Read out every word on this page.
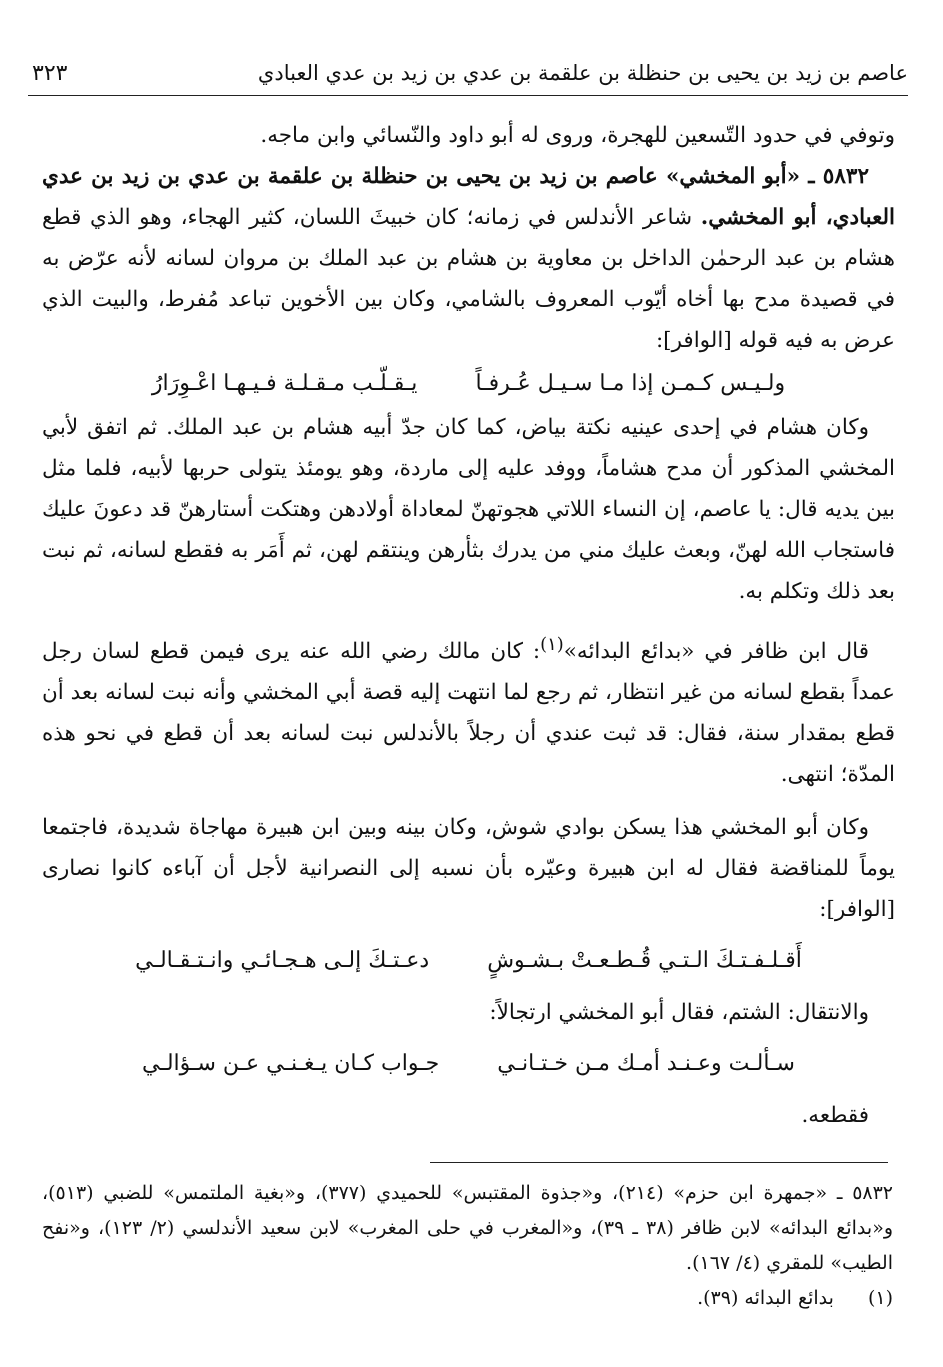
عاصم بن زيد بن يحيى بن حنظلة بن علقمة بن عدي بن زيد بن عدي العبادي
٣٢٣

وتوفي في حدود التّسعين للهجرة، وروى له أبو داود والنّسائي وابن ماجه.

٥٨٣٢ ـ «أبو المخشي» عاصم بن زيد بن يحيى بن حنظلة بن علقمة بن عدي بن زيد بن عدي العبادي، أبو المخشي. شاعر الأندلس في زمانه؛ كان خبيثَ اللسان، كثير الهجاء، وهو الذي قطع هشام بن عبد الرحمٰن الداخل بن معاوية بن هشام بن عبد الملك بن مروان لسانه لأنه عرّض به في قصيدة مدح بها أخاه أيّوب المعروف بالشامي، وكان بين الأخوين تباعد مُفرط، والبيت الذي عرض به فيه قوله [الوافر]:

ولـيـس كـمـن إذا مـا سـيـل عُـرفـاً
يـقـلّـب مـقـلـة فـيـهـا اعْـوِرَارُ

وكان هشام في إحدى عينيه نكتة بياض، كما كان جدّ أبيه هشام بن عبد الملك. ثم اتفق لأبي المخشي المذكور أن مدح هشاماً، ووفد عليه إلى ماردة، وهو يومئذ يتولى حربها لأبيه، فلما مثل بين يديه قال: يا عاصم، إن النساء اللاتي هجوتهنّ لمعاداة أولادهن وهتكت أستارهنّ قد دعونَ عليك فاستجاب الله لهنّ، وبعث عليك مني من يدرك بثأرهن وينتقم لهن، ثم أَمَر به فقطع لسانه، ثم نبت بعد ذلك وتكلم به.

قال ابن ظافر في «بدائع البدائه»$^{(١)}$: كان مالك رضي الله عنه يرى فيمن قطع لسان رجل عمداً بقطع لسانه من غير انتظار، ثم رجع لما انتهت إليه قصة أبي المخشي وأنه نبت لسانه بعد أن قطع بمقدار سنة، فقال: قد ثبت عندي أن رجلاً بالأندلس نبت لسانه بعد أن قطع في نحو هذه المدّة؛ انتهى.

وكان أبو المخشي هذا يسكن بوادي شوش، وكان بينه وبين ابن هبيرة مهاجاة شديدة، فاجتمعا يوماً للمناقضة فقال له ابن هبيرة وعيّره بأن نسبه إلى النصرانية لأجل أن آباءه كانوا نصارى [الوافر]:

أَقـلـفـتـكَ الـتـي قُـطـعـتْ بـشـوشٍ
دعـتـكَ إلـى هـجـائـي وانـتـقـالـي

والانتقال: الشتم، فقال أبو المخشي ارتجالاً:

سـألـت وعـنـد أمـك مـن خـتـانـي
جـواب كـان يـغـنـي عـن سـؤالـي

فقطعه.

٥٨٣٢ ـ «جمهرة ابن حزم» (٢١٤)، و«جذوة المقتبس» للحميدي (٣٧٧)، و«بغية الملتمس» للضبي (٥١٣)، و«بدائع البدائه» لابن ظافر (٣٨ ـ ٣٩)، و«المغرب في حلى المغرب» لابن سعيد الأندلسي (٢/ ١٢٣)، و«نفح الطيب» للمقري (٤/ ١٦٧).

(١)
بدائع البدائه (٣٩).
